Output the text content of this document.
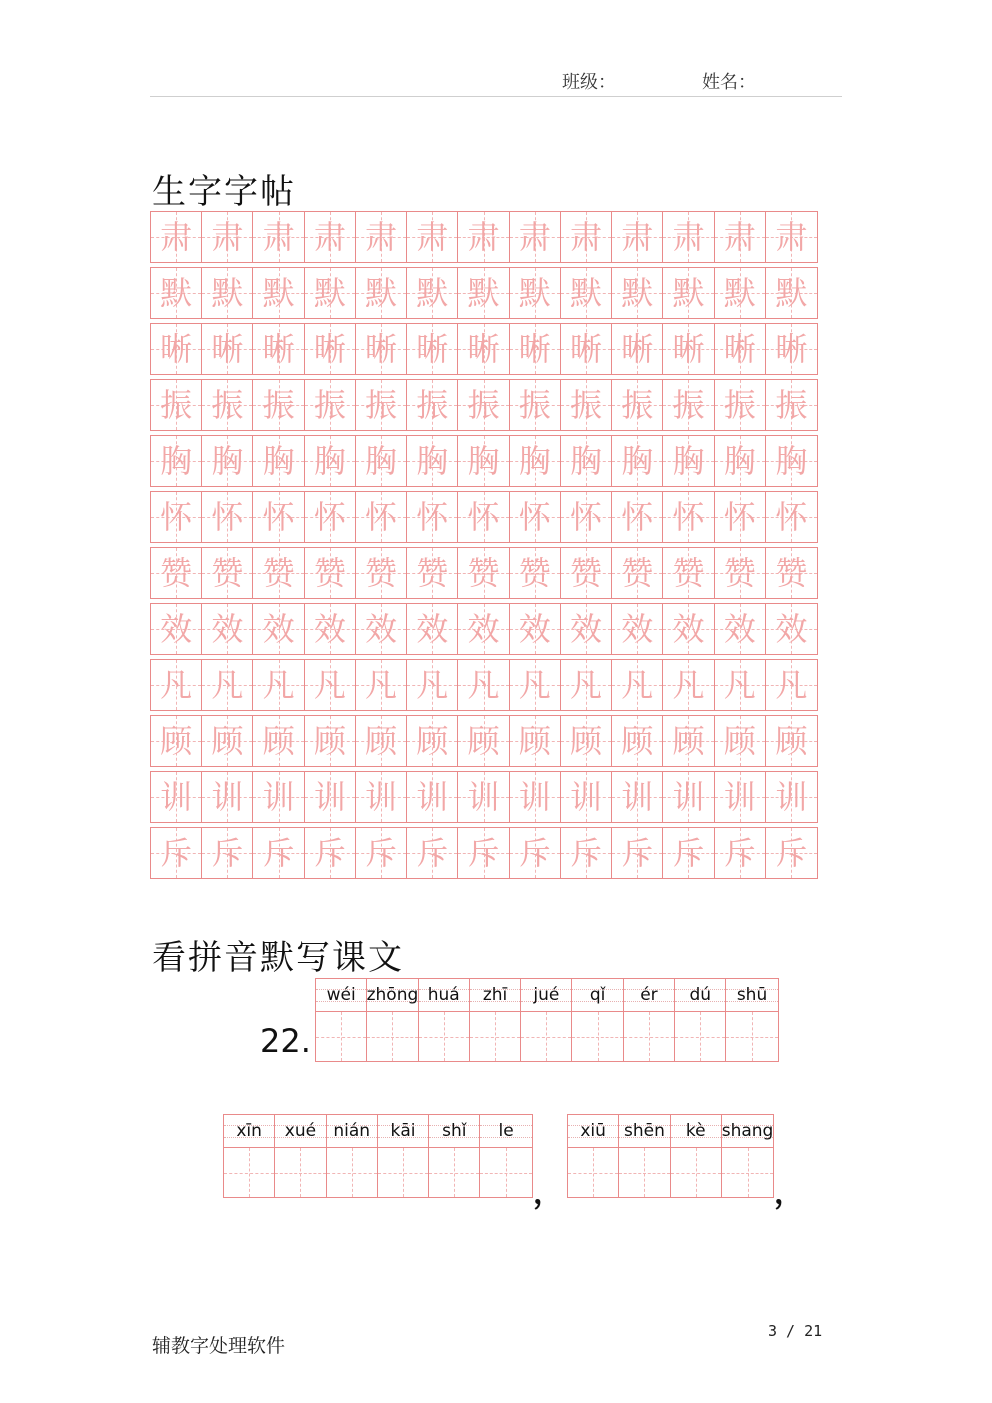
班级：	姓名：
生字字帖
肃 肃 肃 肃 肃 肃 肃 肃 肃 肃 肃 肃 肃
默 默 默 默 默 默 默 默 默 默 默 默 默
晰 晰 晰 晰 晰 晰 晰 晰 晰 晰 晰 晰 晰
振 振 振 振 振 振 振 振 振 振 振 振 振
胸 胸 胸 胸 胸 胸 胸 胸 胸 胸 胸 胸 胸
怀 怀 怀 怀 怀 怀 怀 怀 怀 怀 怀 怀 怀
赞 赞 赞 赞 赞 赞 赞 赞 赞 赞 赞 赞 赞
效 效 效 效 效 效 效 效 效 效 效 效 效
凡 凡 凡 凡 凡 凡 凡 凡 凡 凡 凡 凡 凡
顾 顾 顾 顾 顾 顾 顾 顾 顾 顾 顾 顾 顾
训 训 训 训 训 训 训 训 训 训 训 训 训
斥 斥 斥 斥 斥 斥 斥 斥 斥 斥 斥 斥 斥
看拼音默写课文
22.
wéi zhōng huá zhī jué qǐ ér dú shū
xīn xué nián kāi shǐ le
，
xiū shēn kè shang
，
辅教字处理软件
3 / 21
